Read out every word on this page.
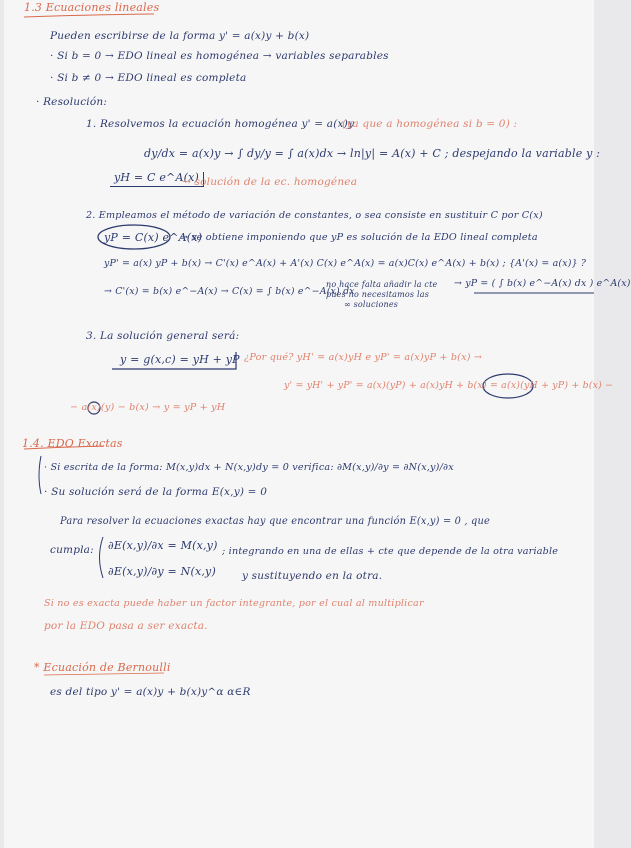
1.3 Ecuaciones lineales
Pueden escribirse de la forma y' = a(x)y + b(x)
· Si b = 0 → EDO lineal es homogénea → variables separables
· Si b ≠ 0 → EDO lineal es completa
· Resolución:
1. Resolvemos la ecuación homogénea y' = a(x)y
(ya que a homogénea si b = 0) :
dy/dx = a(x)y → ∫ dy/y = ∫ a(x)dx → ln|y| = A(x) + C ; despejando la variable y :
yH = C e^A(x)
→ solución de la ec. homogénea
2. Empleamos el método de variación de constantes, o sea consiste en sustituir C por C(x)
yP = C(x) e^A(x)
→ se obtiene imponiendo que yP es solución de la EDO lineal completa
yP' = a(x) yP + b(x) → C'(x) e^A(x) + A'(x) C(x) e^A(x) = a(x)C(x) e^A(x) + b(x) ; {A'(x) = a(x)} ?
→ C'(x) = b(x) e^−A(x) → C(x) = ∫ b(x) e^−A(x) dx
no hace falta añadir la cte
pues no necesitamos las
∞ soluciones
→ yP = ( ∫ b(x) e^−A(x) dx ) e^A(x)
3. La solución general será:
y = g(x,c) = yH + yP ¿Por qué? yH' = a(x)yH e yP' = a(x)yP + b(x) →
y' = yH' + yP' = a(x)(yP) + a(x)yH + b(x) = a(x)(yH + yP) + b(x) −
− a(x)(y) − b(x) → y = yP + yH
1.4. EDO Exactas
· Si escrita de la forma: M(x,y)dx + N(x,y)dy = 0 verifica: ∂M(x,y)/∂y = ∂N(x,y)/∂x
· Su solución será de la forma E(x,y) = 0
Para resolver la ecuaciones exactas hay que encontrar una función E(x,y) = 0 , que
cumpla: ∂E(x,y)/∂x = M(x,y)
∂E(x,y)/∂y = N(x,y)
; integrando en una de ellas + cte que depende de la otra variable
y sustituyendo en la otra.
Si no es exacta puede haber un factor integrante, por el cual al multiplicar
por la EDO pasa a ser exacta.
* Ecuación de Bernoulli
es del tipo y' = a(x)y + b(x)y^α α∈R
